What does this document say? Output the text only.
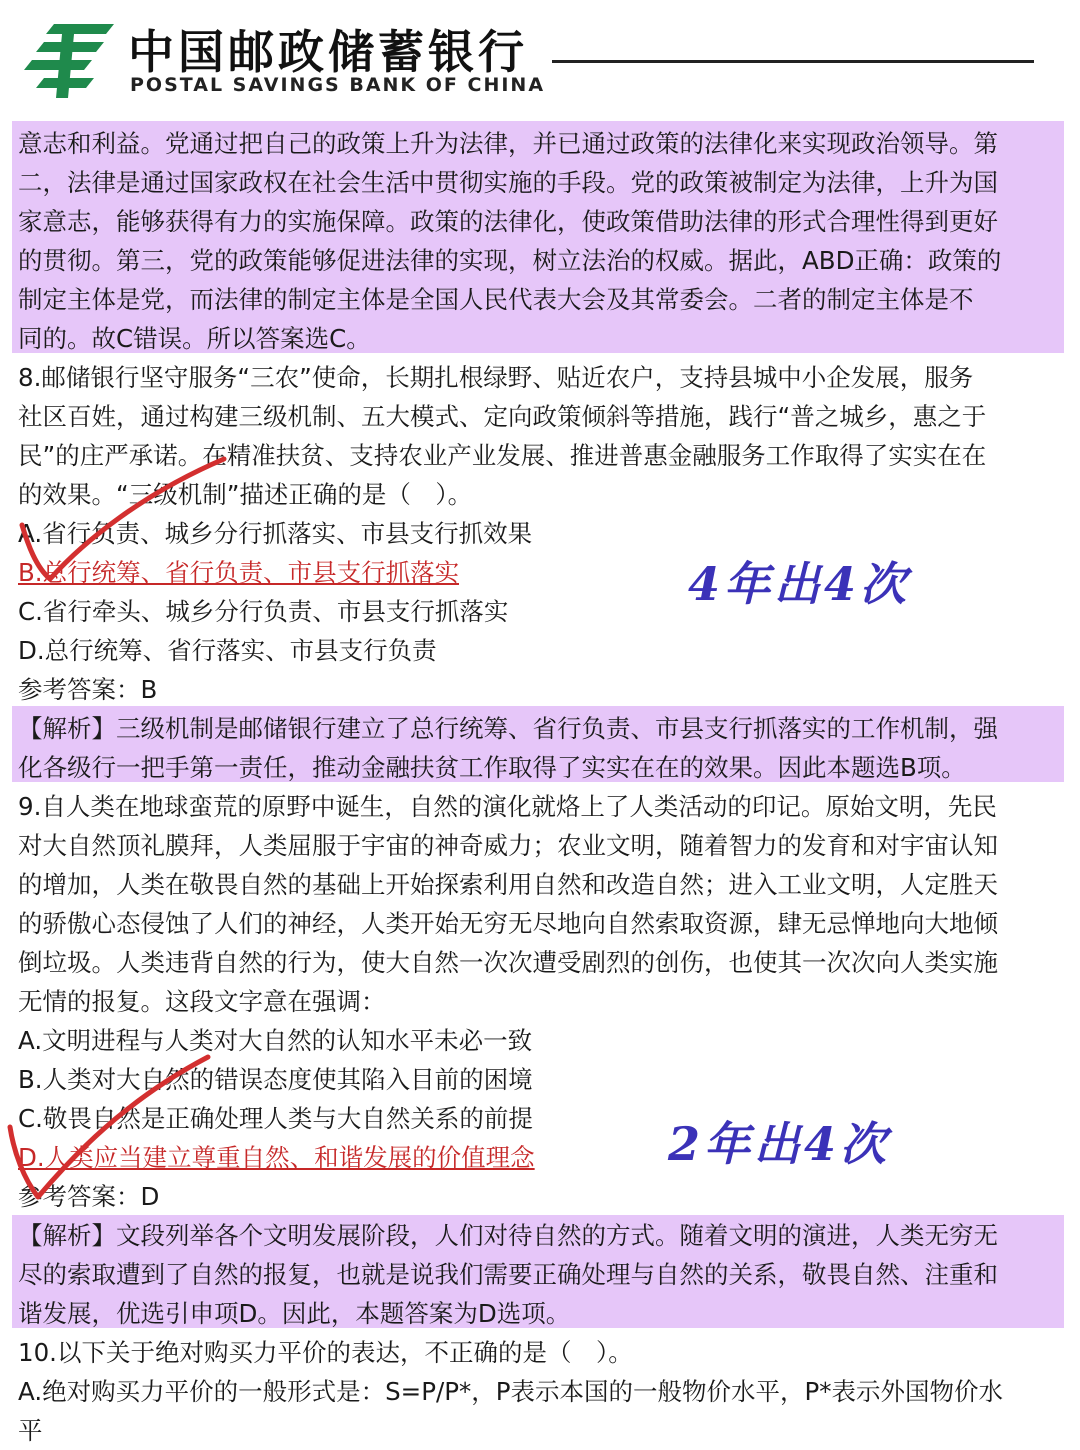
中国邮政储蓄银行
POSTAL SAVINGS BANK OF CHINA
意志和利益。党通过把自己的政策上升为法律，并已通过政策的法律化来实现政治领导。第
二，法律是通过国家政权在社会生活中贯彻实施的手段。党的政策被制定为法律，上升为国
家意志，能够获得有力的实施保障。政策的法律化，使政策借助法律的形式合理性得到更好
的贯彻。第三，党的政策能够促进法律的实现，树立法治的权威。据此，ABD正确：政策的
制定主体是党，而法律的制定主体是全国人民代表大会及其常委会。二者的制定主体是不
同的。故C错误。所以答案选C。
8.邮储银行坚守服务“三农”使命，长期扎根绿野、贴近农户，支持县城中小企发展，服务
社区百姓，通过构建三级机制、五大模式、定向政策倾斜等措施，践行“普之城乡，惠之于
民”的庄严承诺。在精准扶贫、支持农业产业发展、推进普惠金融服务工作取得了实实在在
的效果。“三级机制”描述正确的是（　）。
A.省行负责、城乡分行抓落实、市县支行抓效果
B.总行统筹、省行负责、市县支行抓落实
C.省行牵头、城乡分行负责、市县支行抓落实
D.总行统筹、省行落实、市县支行负责
参考答案：B
【解析】三级机制是邮储银行建立了总行统筹、省行负责、市县支行抓落实的工作机制，强
化各级行一把手第一责任，推动金融扶贫工作取得了实实在在的效果。因此本题选B项。
4年出4次
9.自人类在地球蛮荒的原野中诞生，自然的演化就烙上了人类活动的印记。原始文明，先民
对大自然顶礼膜拜，人类屈服于宇宙的神奇威力；农业文明，随着智力的发育和对宇宙认知
的增加，人类在敬畏自然的基础上开始探索利用自然和改造自然；进入工业文明，人定胜天
的骄傲心态侵蚀了人们的神经，人类开始无穷无尽地向自然索取资源，肆无忌惮地向大地倾
倒垃圾。人类违背自然的行为，使大自然一次次遭受剧烈的创伤，也使其一次次向人类实施
无情的报复。这段文字意在强调：
A.文明进程与人类对大自然的认知水平未必一致
B.人类对大自然的错误态度使其陷入目前的困境
C.敬畏自然是正确处理人类与大自然关系的前提
D.人类应当建立尊重自然、和谐发展的价值理念
参考答案：D
【解析】文段列举各个文明发展阶段，人们对待自然的方式。随着文明的演进，人类无穷无
尽的索取遭到了自然的报复，也就是说我们需要正确处理与自然的关系，敬畏自然、注重和
谐发展，优选引申项D。因此，本题答案为D选项。
2年出4次
10.以下关于绝对购买力平价的表达，不正确的是（　）。
A.绝对购买力平价的一般形式是：S=P/P*，P表示本国的一般物价水平，P*表示外国物价水
平
